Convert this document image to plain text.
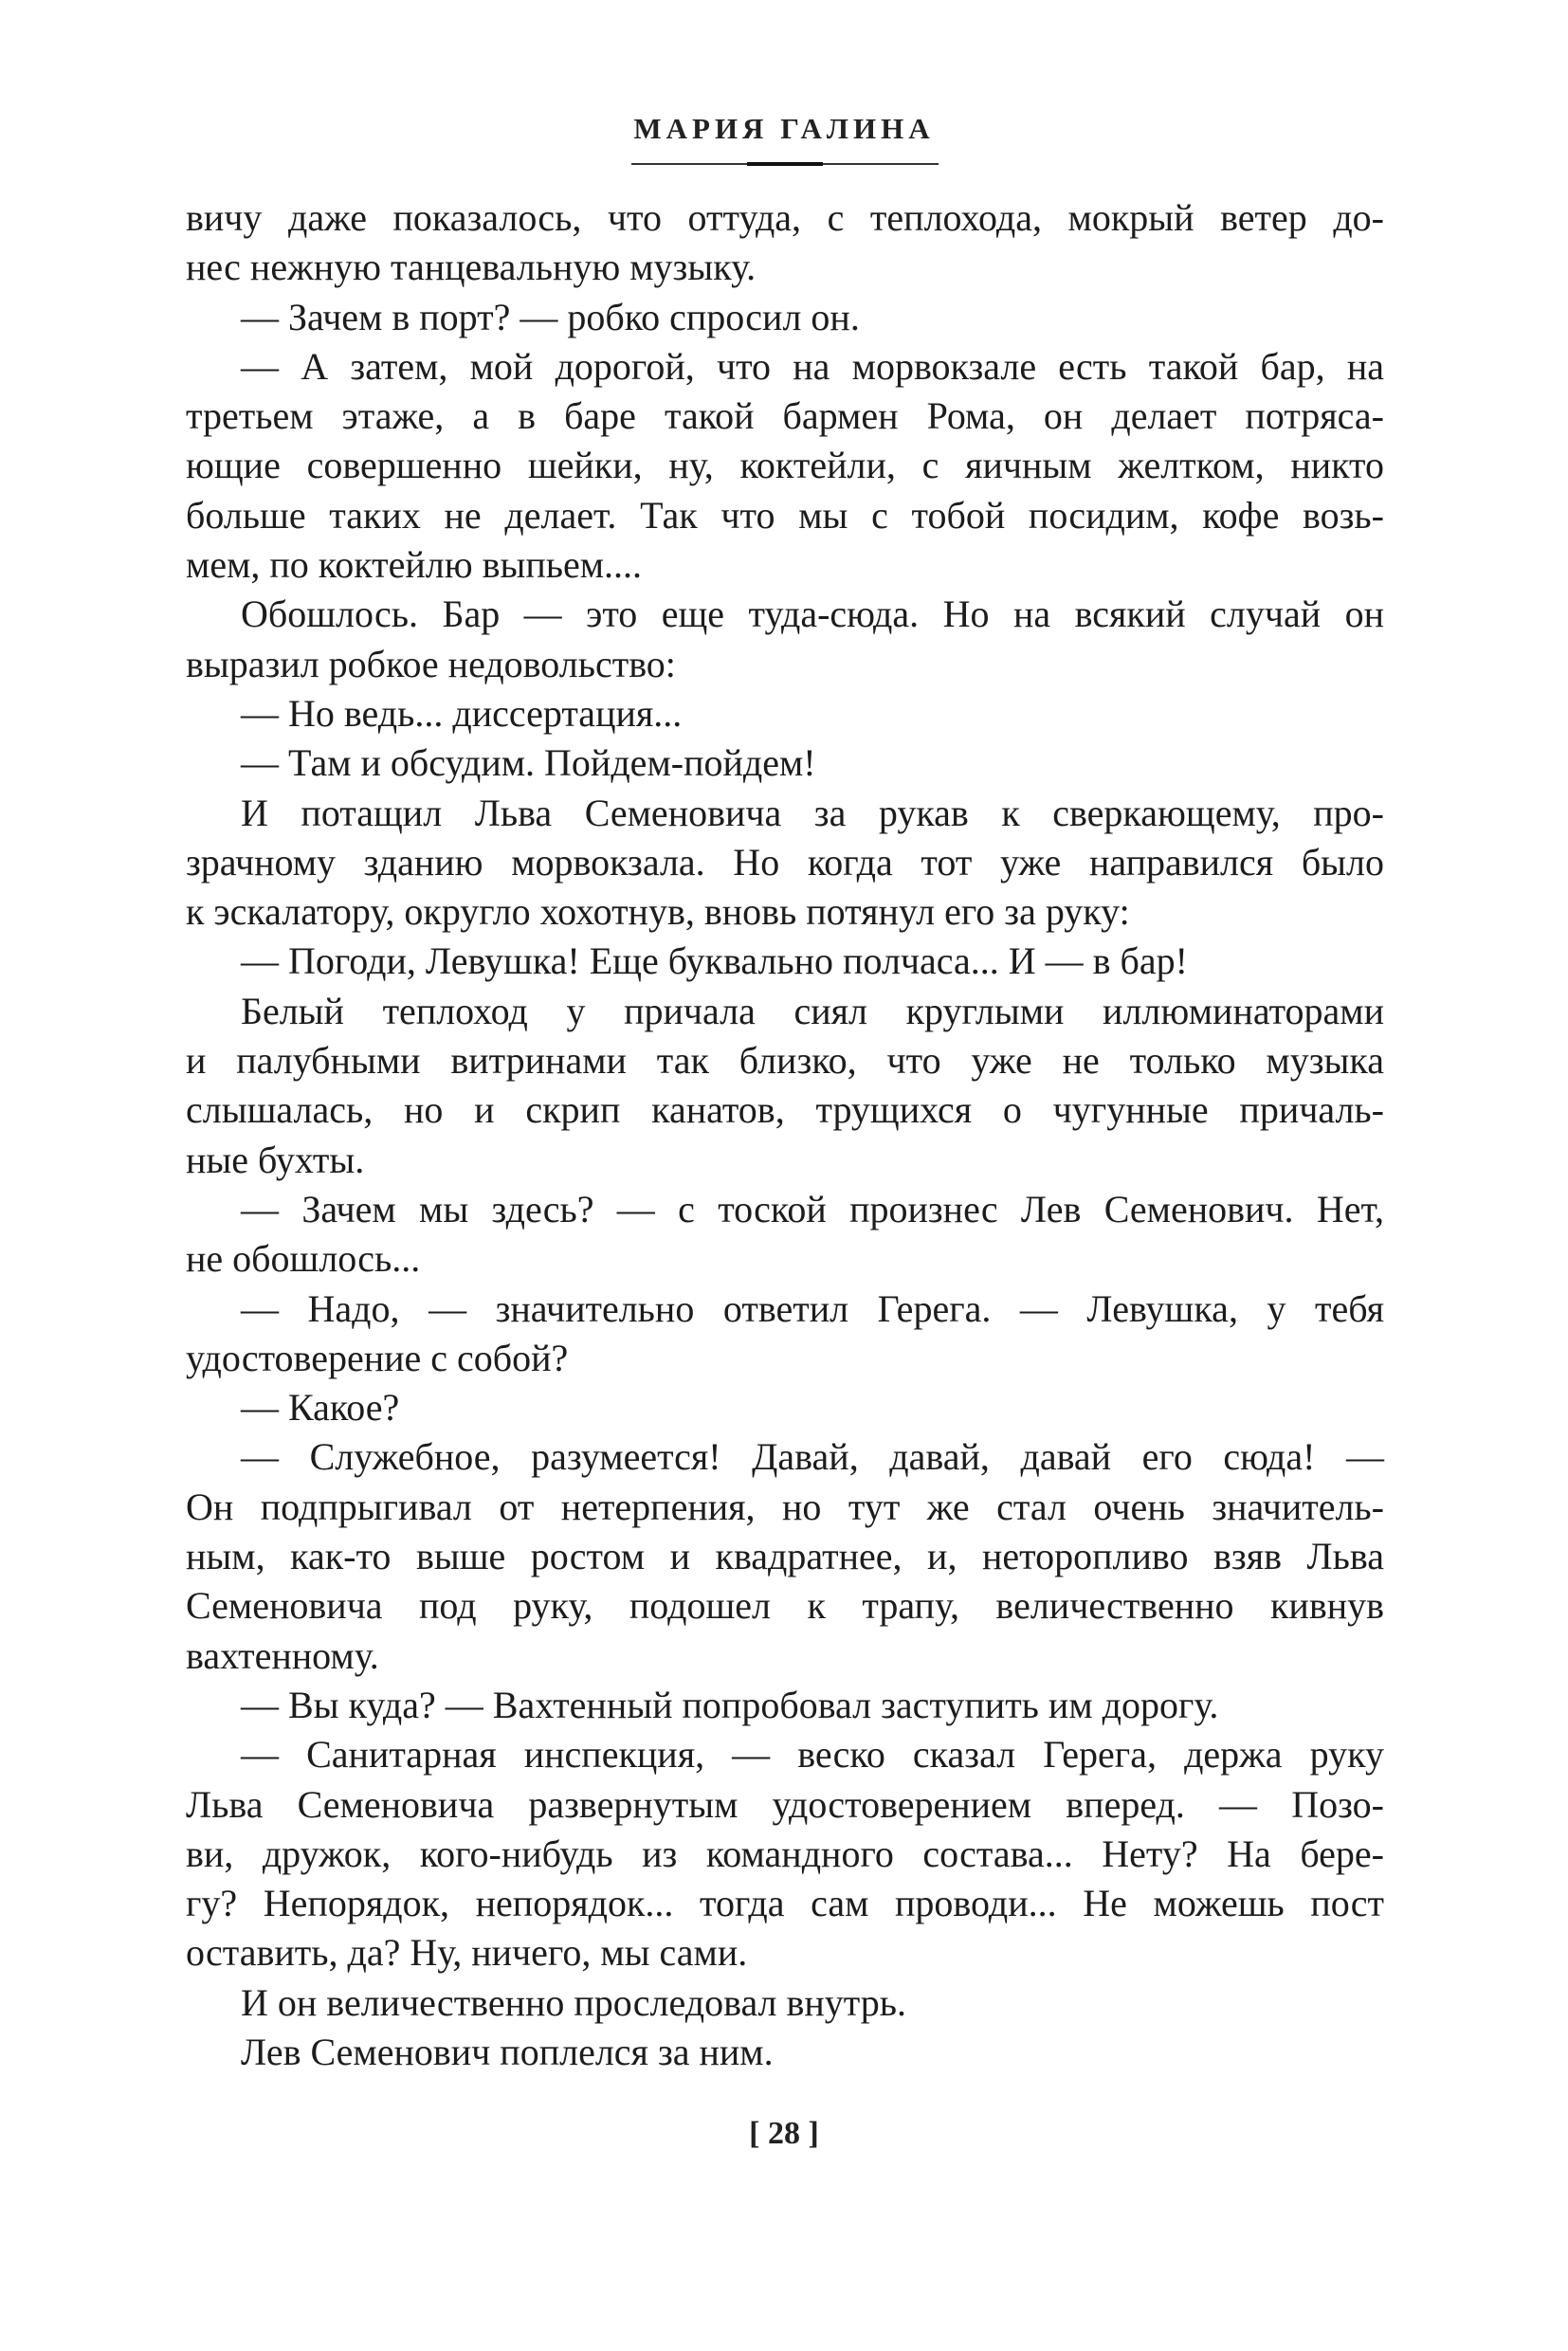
МАРИЯ ГАЛИНА

вичу даже показалось, что оттуда, с теплохода, мокрый ветер до-
нес нежную танцевальную музыку.

— Зачем в порт? — робко спросил он.

— А затем, мой дорогой, что на морвокзале есть такой бар, на
третьем этаже, а в баре такой бармен Рома, он делает потряса-
ющие совершенно шейки, ну, коктейли, с яичным желтком, никто
больше таких не делает. Так что мы с тобой посидим, кофе возь-
мем, по коктейлю выпьем....

Обошлось. Бар — это еще туда-сюда. Но на всякий случай он
выразил робкое недовольство:

— Но ведь... диссертация...

— Там и обсудим. Пойдем-пойдем!

И потащил Льва Семеновича за рукав к сверкающему, про-
зрачному зданию морвокзала. Но когда тот уже направился было
к эскалатору, округло хохотнув, вновь потянул его за руку:

— Погоди, Левушка! Еще буквально полчаса... И — в бар!

Белый теплоход у причала сиял круглыми иллюминаторами
и палубными витринами так близко, что уже не только музыка
слышалась, но и скрип канатов, трущихся о чугунные причаль-
ные бухты.

— Зачем мы здесь? — с тоской произнес Лев Семенович. Нет,
не обошлось...

— Надо, — значительно ответил Герега. — Левушка, у тебя
удостоверение с собой?

— Какое?

— Служебное, разумеется! Давай, давай, давай его сюда! —
Он подпрыгивал от нетерпения, но тут же стал очень значитель-
ным, как-то выше ростом и квадратнее, и, неторопливо взяв Льва
Семеновича под руку, подошел к трапу, величественно кивнув
вахтенному.

— Вы куда? — Вахтенный попробовал заступить им дорогу.

— Санитарная инспекция, — веско сказал Герега, держа руку
Льва Семеновича развернутым удостоверением вперед. — Позо-
ви, дружок, кого-нибудь из командного состава... Нету? На бере-
гу? Непорядок, непорядок... тогда сам проводи... Не можешь пост
оставить, да? Ну, ничего, мы сами.

И он величественно проследовал внутрь.

Лев Семенович поплелся за ним.

[ 28 ]
